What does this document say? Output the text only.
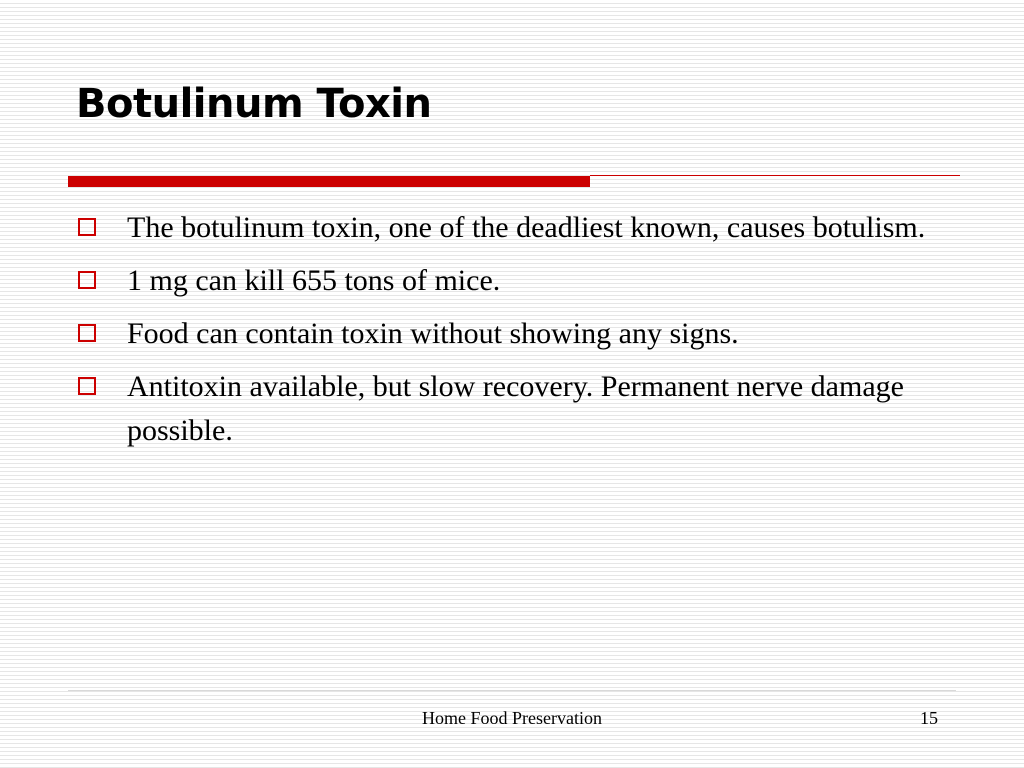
Botulinum Toxin
The botulinum toxin, one of the deadliest known, causes botulism.
1 mg can kill 655 tons of mice.
Food can contain toxin without showing any signs.
Antitoxin available, but slow recovery. Permanent nerve damage possible.
Home Food Preservation	15
